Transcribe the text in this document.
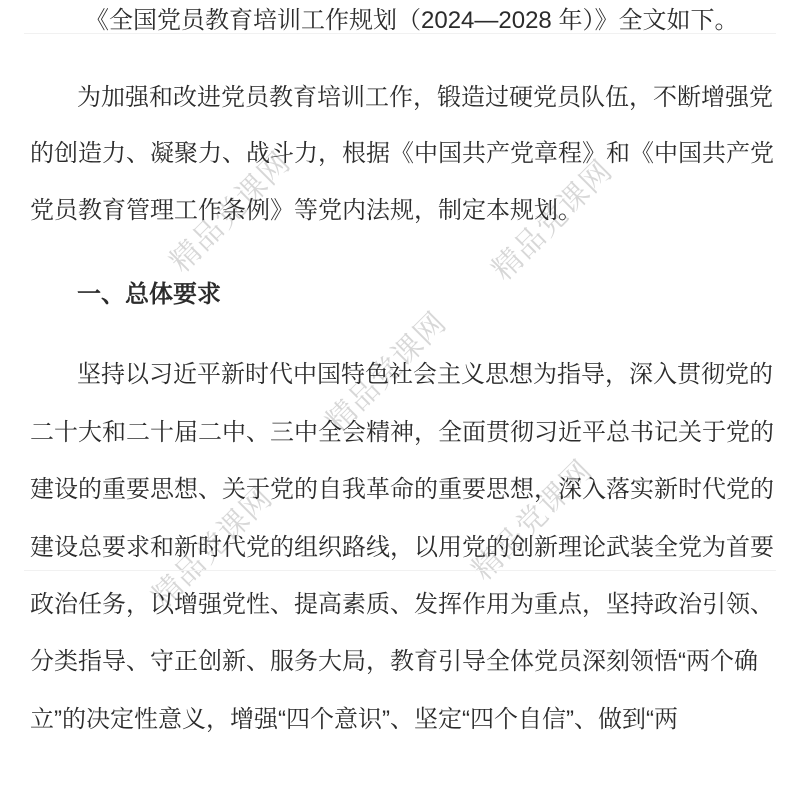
精品党课网
精品党课网
精品党课网
精品党课网	精品党课网
《全国党员教育培训工作规划（2024—2028 年）》全文如下。
为加强和改进党员教育培训工作，锻造过硬党员队伍，不断增强党
的创造力、凝聚力、战斗力，根据《中国共产党章程》和《中国共产党
党员教育管理工作条例》等党内法规，制定本规划。
一、总体要求
坚持以习近平新时代中国特色社会主义思想为指导，深入贯彻党的
二十大和二十届二中、三中全会精神，全面贯彻习近平总书记关于党的
建设的重要思想、关于党的自我革命的重要思想，深入落实新时代党的
建设总要求和新时代党的组织路线，以用党的创新理论武装全党为首要
政治任务，以增强党性、提高素质、发挥作用为重点，坚持政治引领、
分类指导、守正创新、服务大局，教育引导全体党员深刻领悟“两个确
立”的决定性意义，增强“四个意识”、坚定“四个自信”、做到“两
